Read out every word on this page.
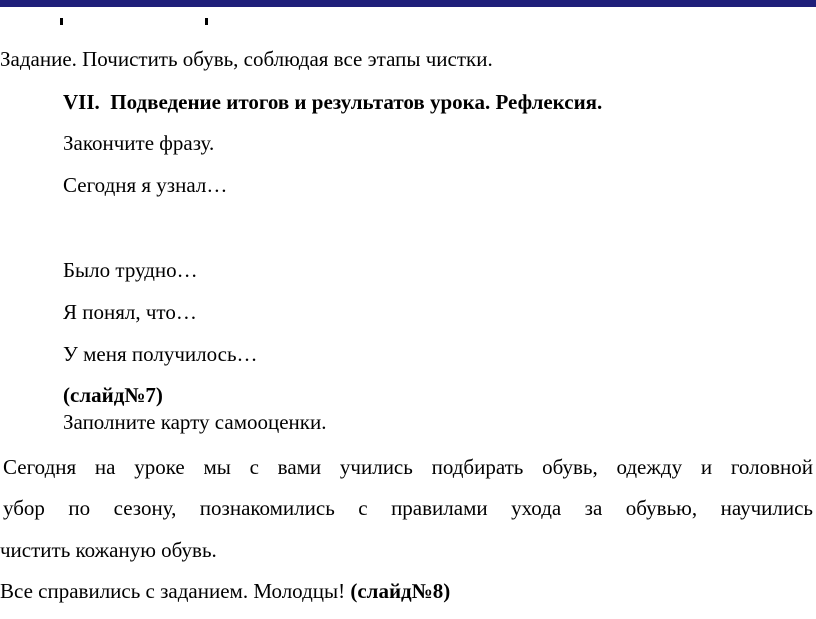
Задание. Почистить обувь, соблюдая все этапы чистки.

VII. Подведение итогов и результатов урока. Рефлексия.

Закончите фразу.

Сегодня я узнал…

Было трудно…

Я понял, что…

У меня получилось…

(слайд№7)

Заполните карту самооценки.

Сегодня на уроке мы с вами учились подбирать обувь, одежду и головной

убор по сезону, познакомились с правилами ухода за обувью, научились

чистить кожаную обувь.

Все справились с заданием. Молодцы! (слайд№8)
